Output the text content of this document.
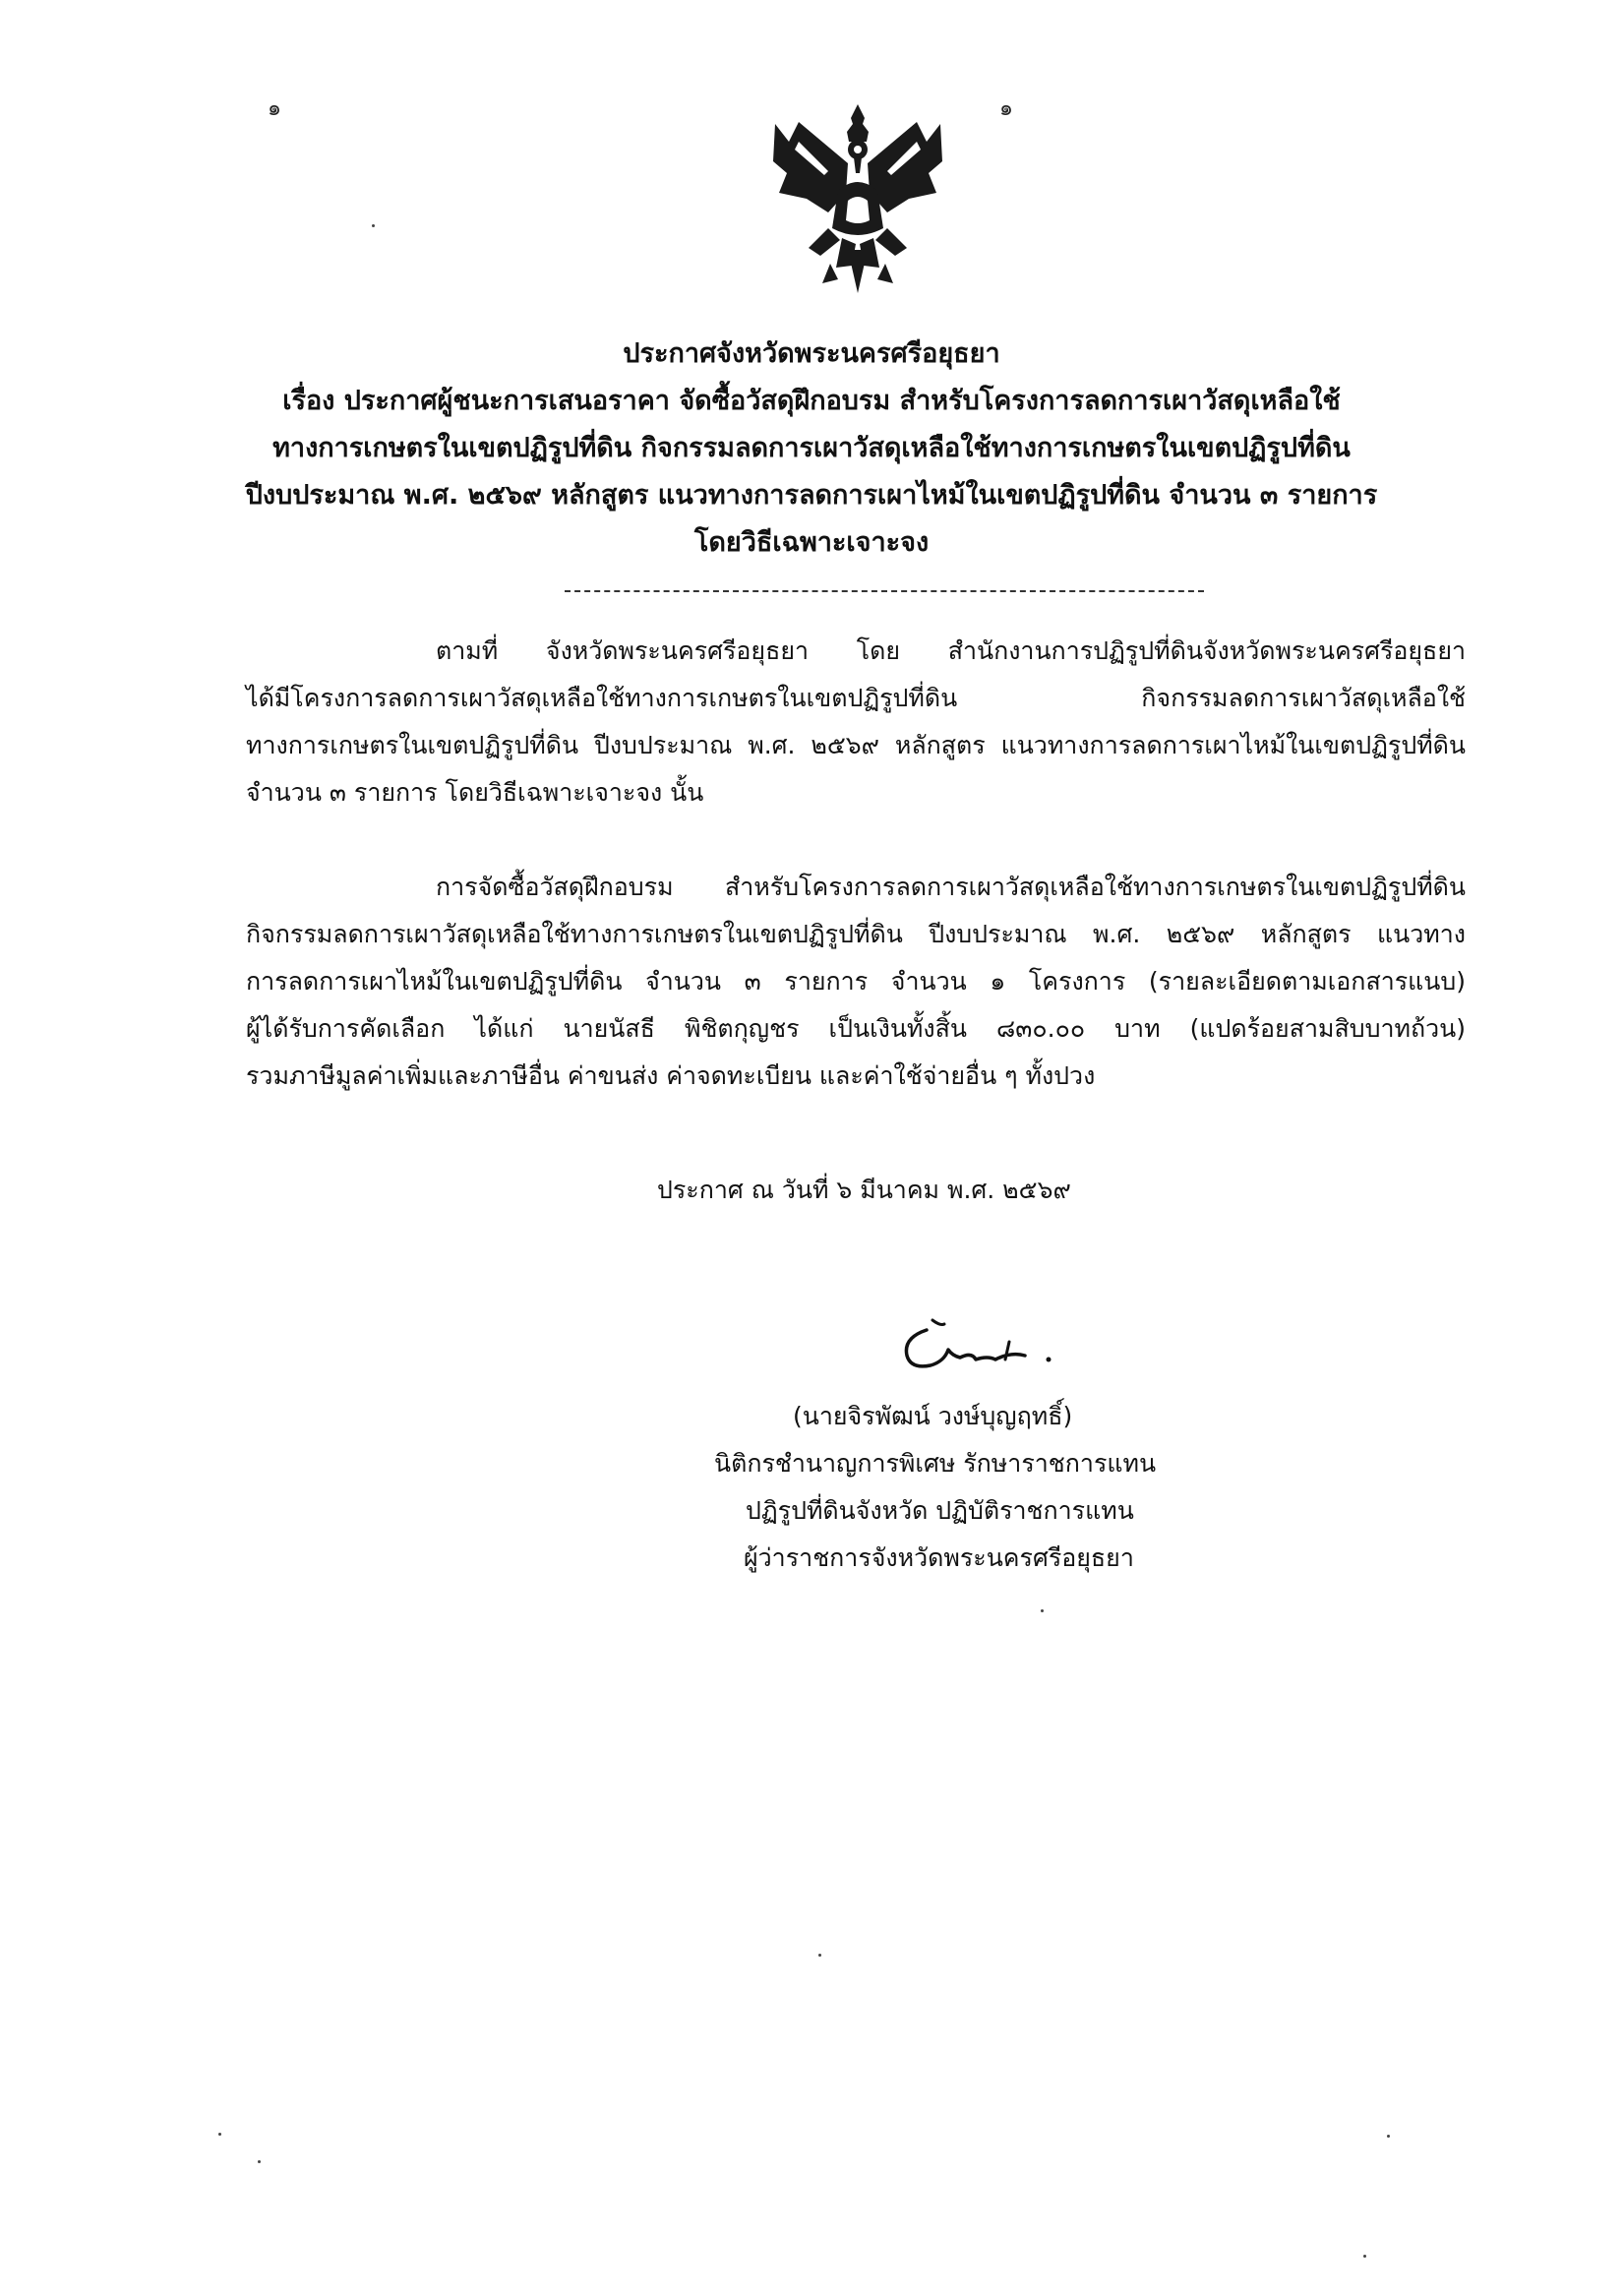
๑	๑
ประกาศจังหวัดพระนครศรีอยุธยา
เรื่อง ประกาศผู้ชนะการเสนอราคา จัดซื้อวัสดุฝึกอบรม สำหรับโครงการลดการเผาวัสดุเหลือใช้
ทางการเกษตรในเขตปฏิรูปที่ดิน กิจกรรมลดการเผาวัสดุเหลือใช้ทางการเกษตรในเขตปฏิรูปที่ดิน
ปีงบประมาณ พ.ศ. ๒๕๖๙ หลักสูตร แนวทางการลดการเผาไหม้ในเขตปฏิรูปที่ดิน จำนวน ๓ รายการ
โดยวิธีเฉพาะเจาะจง
ตามที่ จังหวัดพระนครศรีอยุธยา โดย สำนักงานการปฏิรูปที่ดินจังหวัดพระนครศรีอยุธยา
ได้มีโครงการลดการเผาวัสดุเหลือใช้ทางการเกษตรในเขตปฏิรูปที่ดิน กิจกรรมลดการเผาวัสดุเหลือใช้
ทางการเกษตรในเขตปฏิรูปที่ดิน ปีงบประมาณ พ.ศ. ๒๕๖๙ หลักสูตร แนวทางการลดการเผาไหม้ในเขตปฏิรูปที่ดิน
จำนวน ๓ รายการ โดยวิธีเฉพาะเจาะจง นั้น
การจัดซื้อวัสดุฝึกอบรม สำหรับโครงการลดการเผาวัสดุเหลือใช้ทางการเกษตรในเขตปฏิรูปที่ดิน
กิจกรรมลดการเผาวัสดุเหลือใช้ทางการเกษตรในเขตปฏิรูปที่ดิน ปีงบประมาณ พ.ศ. ๒๕๖๙ หลักสูตร แนวทาง
การลดการเผาไหม้ในเขตปฏิรูปที่ดิน จำนวน ๓ รายการ จำนวน ๑ โครงการ (รายละเอียดตามเอกสารแนบ)
ผู้ได้รับการคัดเลือก ได้แก่ นายนัสธี พิชิตกุญชร เป็นเงินทั้งสิ้น ๘๓๐.๐๐ บาท (แปดร้อยสามสิบบาทถ้วน)
รวมภาษีมูลค่าเพิ่มและภาษีอื่น ค่าขนส่ง ค่าจดทะเบียน และค่าใช้จ่ายอื่น ๆ ทั้งปวง
ประกาศ ณ วันที่ ๖ มีนาคม พ.ศ. ๒๕๖๙
(นายจิรพัฒน์ วงษ์บุญฤทธิ์)
นิติกรชำนาญการพิเศษ รักษาราชการแทน
ปฏิรูปที่ดินจังหวัด ปฏิบัติราชการแทน
ผู้ว่าราชการจังหวัดพระนครศรีอยุธยา
